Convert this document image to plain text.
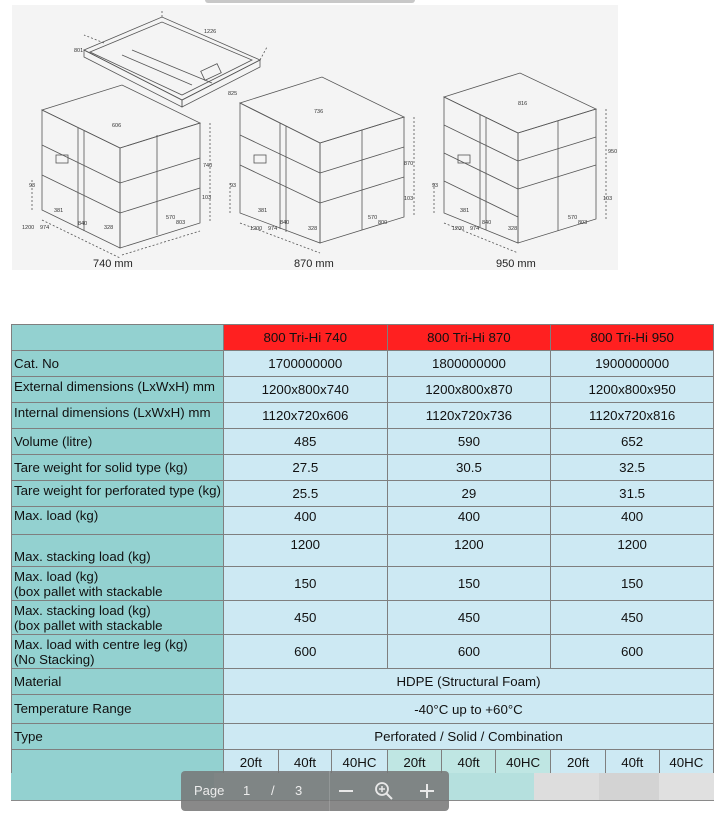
1226
801
825
606
740
93
103
1200 974
381
840
328
570
803
736
870
93
103
1200 974
381
840
328
570
800
816
950
93
103
1200 974
381
840
328
570
803
740 mm	870 mm	950 mm
	800 Tri-Hi 740			800 Tri-Hi 870			800 Tri-Hi 950		
Cat. No	1700000000			1800000000			1900000000		

External dimensions (LxWxH) mm	1200x800x740			1200x800x870			1200x800x950		

Internal dimensions (LxWxH) mm	1120x720x606			1120x720x736			1120x720x816		
Volume (litre)	485			590			652		
Tare weight for solid type (kg)	27.5			30.5			32.5		

Tare weight for perforated type (kg)	25.5			29			31.5		
Max. load (kg)	400			400			400		
Max. stacking load (kg)	1200			1200			1200		

Max. load (kg)
(box pallet with stackable	150			150			150		

Max. stacking load (kg)
(box pallet with stackable	450			450			450		

Max. load with centre leg (kg)
(No Stacking)	600			600			600		
Material	HDPE (Structural Foam)								
Temperature Range	-40°C up to +60°C								
Type	Perforated / Solid / Combination								
	20ft	40ft	40HC	20ft	40ft	40HC	20ft	40ft	40HC
Page 1 / 3
